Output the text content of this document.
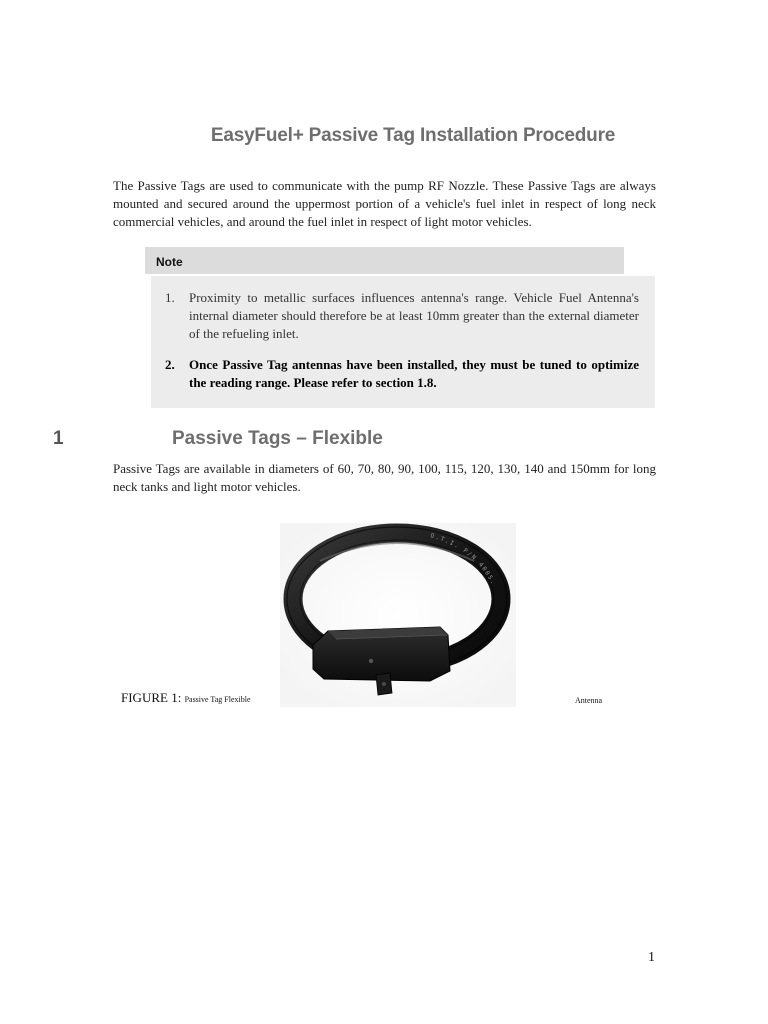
EasyFuel+ Passive Tag Installation Procedure

The Passive Tags are used to communicate with the pump RF Nozzle. These Passive Tags are always mounted and secured around the uppermost portion of a vehicle's fuel inlet in respect of long neck commercial vehicles, and around the fuel inlet in respect of light motor vehicles.

Note
1. Proximity to metallic surfaces influences antenna's range. Vehicle Fuel Antenna's internal diameter should therefore be at least 10mm greater than the external diameter of the refueling inlet.
2. Once Passive Tag antennas have been installed, they must be tuned to optimize the reading range. Please refer to section 1.8.
1	Passive Tags – Flexible

Passive Tags are available in diameters of 60, 70, 80, 90, 100, 115, 120, 130, 140 and 150mm for long neck tanks and light motor vehicles.

O.T.I. P/N 4005.
FIGURE 1: Passive Tag Flexible	Antenna
1
